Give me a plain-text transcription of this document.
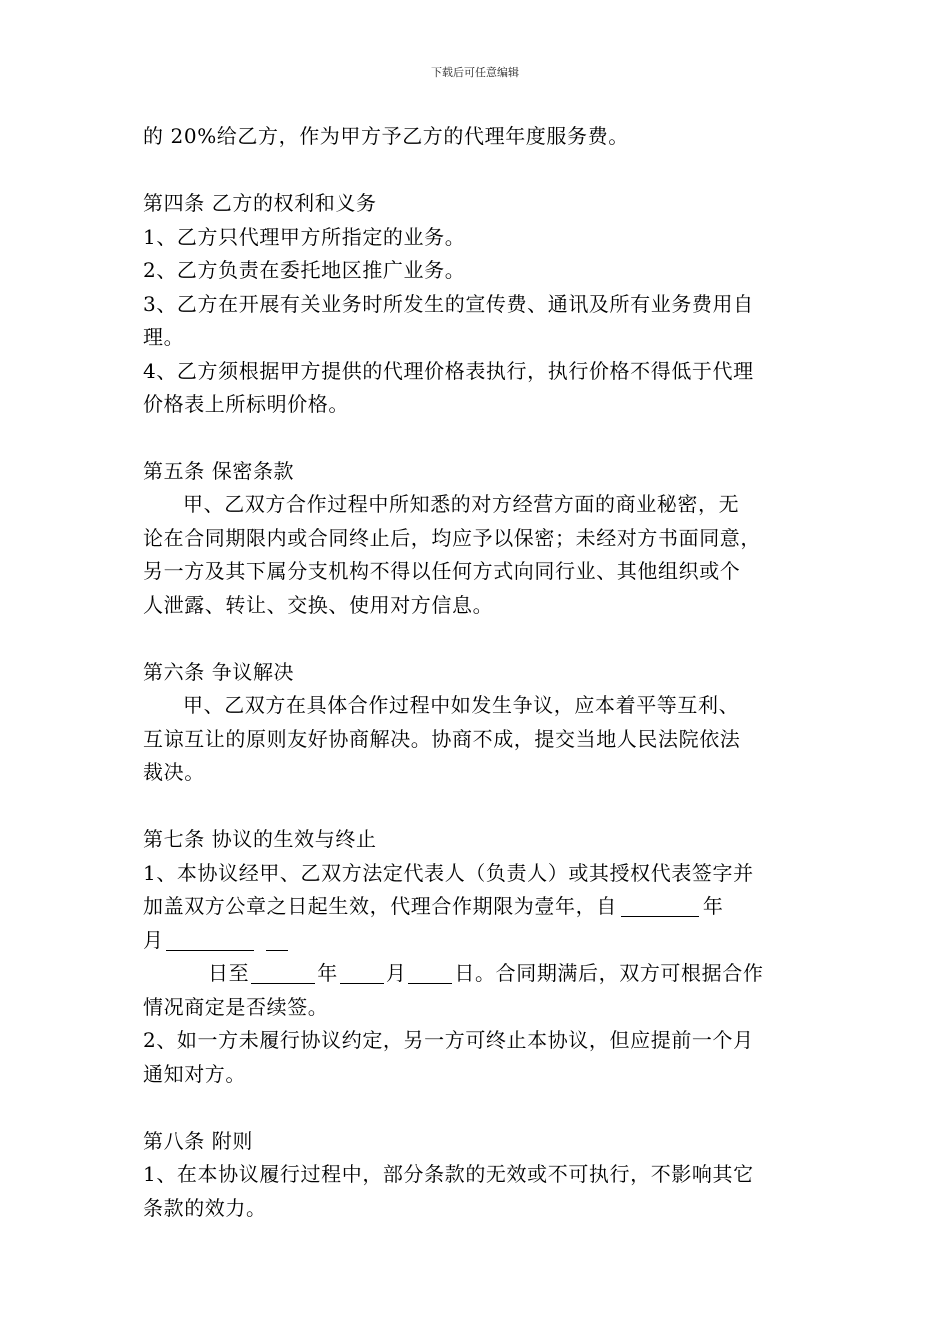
下载后可任意编辑
的 20%给乙方，作为甲方予乙方的代理年度服务费。
第四条 乙方的权利和义务
1、乙方只代理甲方所指定的业务。
2、乙方负责在委托地区推广业务。
3、乙方在开展有关业务时所发生的宣传费、通讯及所有业务费用自
理。
4、乙方须根据甲方提供的代理价格表执行，执行价格不得低于代理
价格表上所标明价格。
第五条 保密条款
甲、乙双方合作过程中所知悉的对方经营方面的商业秘密，无
论在合同期限内或合同终止后，均应予以保密；未经对方书面同意，
另一方及其下属分支机构不得以任何方式向同行业、其他组织或个
人泄露、转让、交换、使用对方信息。
第六条 争议解决
甲、乙双方在具体合作过程中如发生争议，应本着平等互利、
互谅互让的原则友好协商解决。协商不成，提交当地人民法院依法
裁决。
第七条 协议的生效与终止
1、本协议经甲、乙双方法定代表人（负责人）或其授权代表签字并
加盖双方公章之日起生效，代理合作期限为壹年，自	年
月
日至	年 月 日。合同期满后，双方可根据合作
情况商定是否续签。
2、如一方未履行协议约定，另一方可终止本协议，但应提前一个月
通知对方。
第八条 附则
1、在本协议履行过程中，部分条款的无效或不可执行，不影响其它
条款的效力。
